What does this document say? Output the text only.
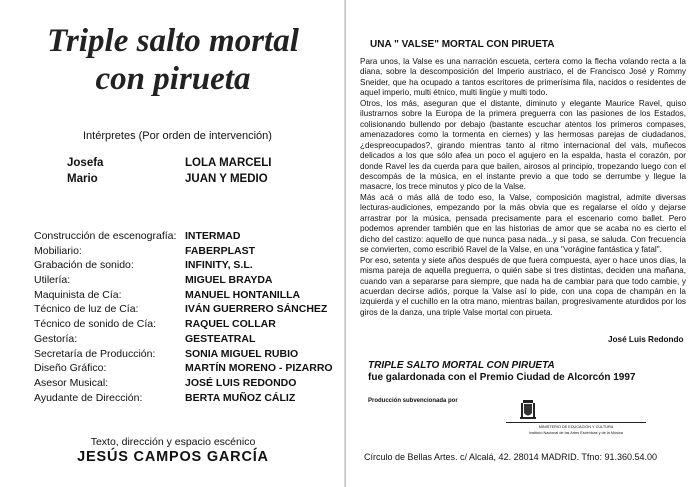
Triple salto mortal
con pirueta
Intérpretes (Por orden de intervención)
Josefa
Mario
LOLA MARCELI
JUAN Y MEDIO
Construcción de escenografía:
Mobiliario:
Grabación de sonido:
Utilería:
Maquinista de Cía:
Técnico de luz de Cía:
Técnico de sonido de Cía:
Gestoría:
Secretaría de Producción:
Diseño Gráfico:
Asesor Musical:
Ayudante de Dirección:
INTERMAD
FABERPLAST
INFINITY, S.L.
MIGUEL BRAYDA
MANUEL HONTANILLA
IVÁN GUERRERO SÁNCHEZ
RAQUEL COLLAR
GESTEATRAL
SONIA MIGUEL RUBIO
MARTÍN MORENO - PIZARRO
JOSÉ LUIS REDONDO
BERTA MUÑOZ CÁLIZ
Texto, dirección y espacio escénico
JESÚS CAMPOS GARCÍA
UNA " VALSE" MORTAL CON PIRUETA

Para unos, la Valse es una narración escueta, certera como la flecha volando recta a la diana, sobre la descomposición del Imperio austriaco, el de Francisco José y Rommy Sneider, que ha ocupado a tantos escritores de primerísima fila, nacidos o residentes de aquel imperio, multi étnico, multi lingüe y multi todo.

Otros, los más, aseguran que el distante, diminuto y elegante Maurice Ravel, quiso ilustrarnos sobre la Europa de la primera preguerra con las pasiones de los Estados, colisionando bullendo por debajo (bastante escuchar atentos los primeros compases, amenazadores como la tormenta en ciernes) y las hermosas parejas de ciudadanos, ¿despreocupados?, girando mientras tanto al ritmo internacional del vals, muñecos delicados a los que sólo afea un poco el agujero en la espalda, hasta el corazón, por donde Ravel les da cuerda para que bailen, airosos al principio, tropezando luego con el descompás de la música, en el instante previo a que todo se derrumbe y llegue la masacre, los trece minutos y pico de la Valse.

Más acá o más allá de todo eso, la Valse, composición magistral, admite diversas lecturas-audiciones, empezando por la más obvia que es regalarse el oído y dejarse arrastrar por la música, pensada precisamente para el escenario como ballet. Pero podemos aprender también que en las historias de amor que se acaba no es cierto el dicho del castizo: aquello de que nunca pasa nada...y si pasa, se saluda. Con frecuencia se convierten, como escribió Ravel de la Valse, en una "vorágine fantástica y fatal".

Por eso, setenta y siete años después de que fuera compuesta, ayer o hace unos días, la misma pareja de aquella preguerra, o quién sabe si tres distintas, deciden una mañana, cuando van a separarse para siempre, que nada ha de cambiar para que todo cambie, y acuerdan decirse adiós, porque la Valse así lo pide, con una copa de champán en la izquierda y el cuchillo en la otra mano, mientras bailan, progresivamente aturdidos por los giros de la danza, una triple Valse mortal con pirueta.

José Luis Redondo
TRIPLE SALTO MORTAL CON PIRUETA
fue galardonada con el Premio Ciudad de Alcorcón 1997
Producción subvencionada por
MINISTERIO DE EDUCACIÓN Y CULTURA
Instituto Nacional de las Artes Escénicas y de la Música
Círculo de Bellas Artes. c/ Alcalá, 42. 28014 MADRID. Tfno: 91.360.54.00
